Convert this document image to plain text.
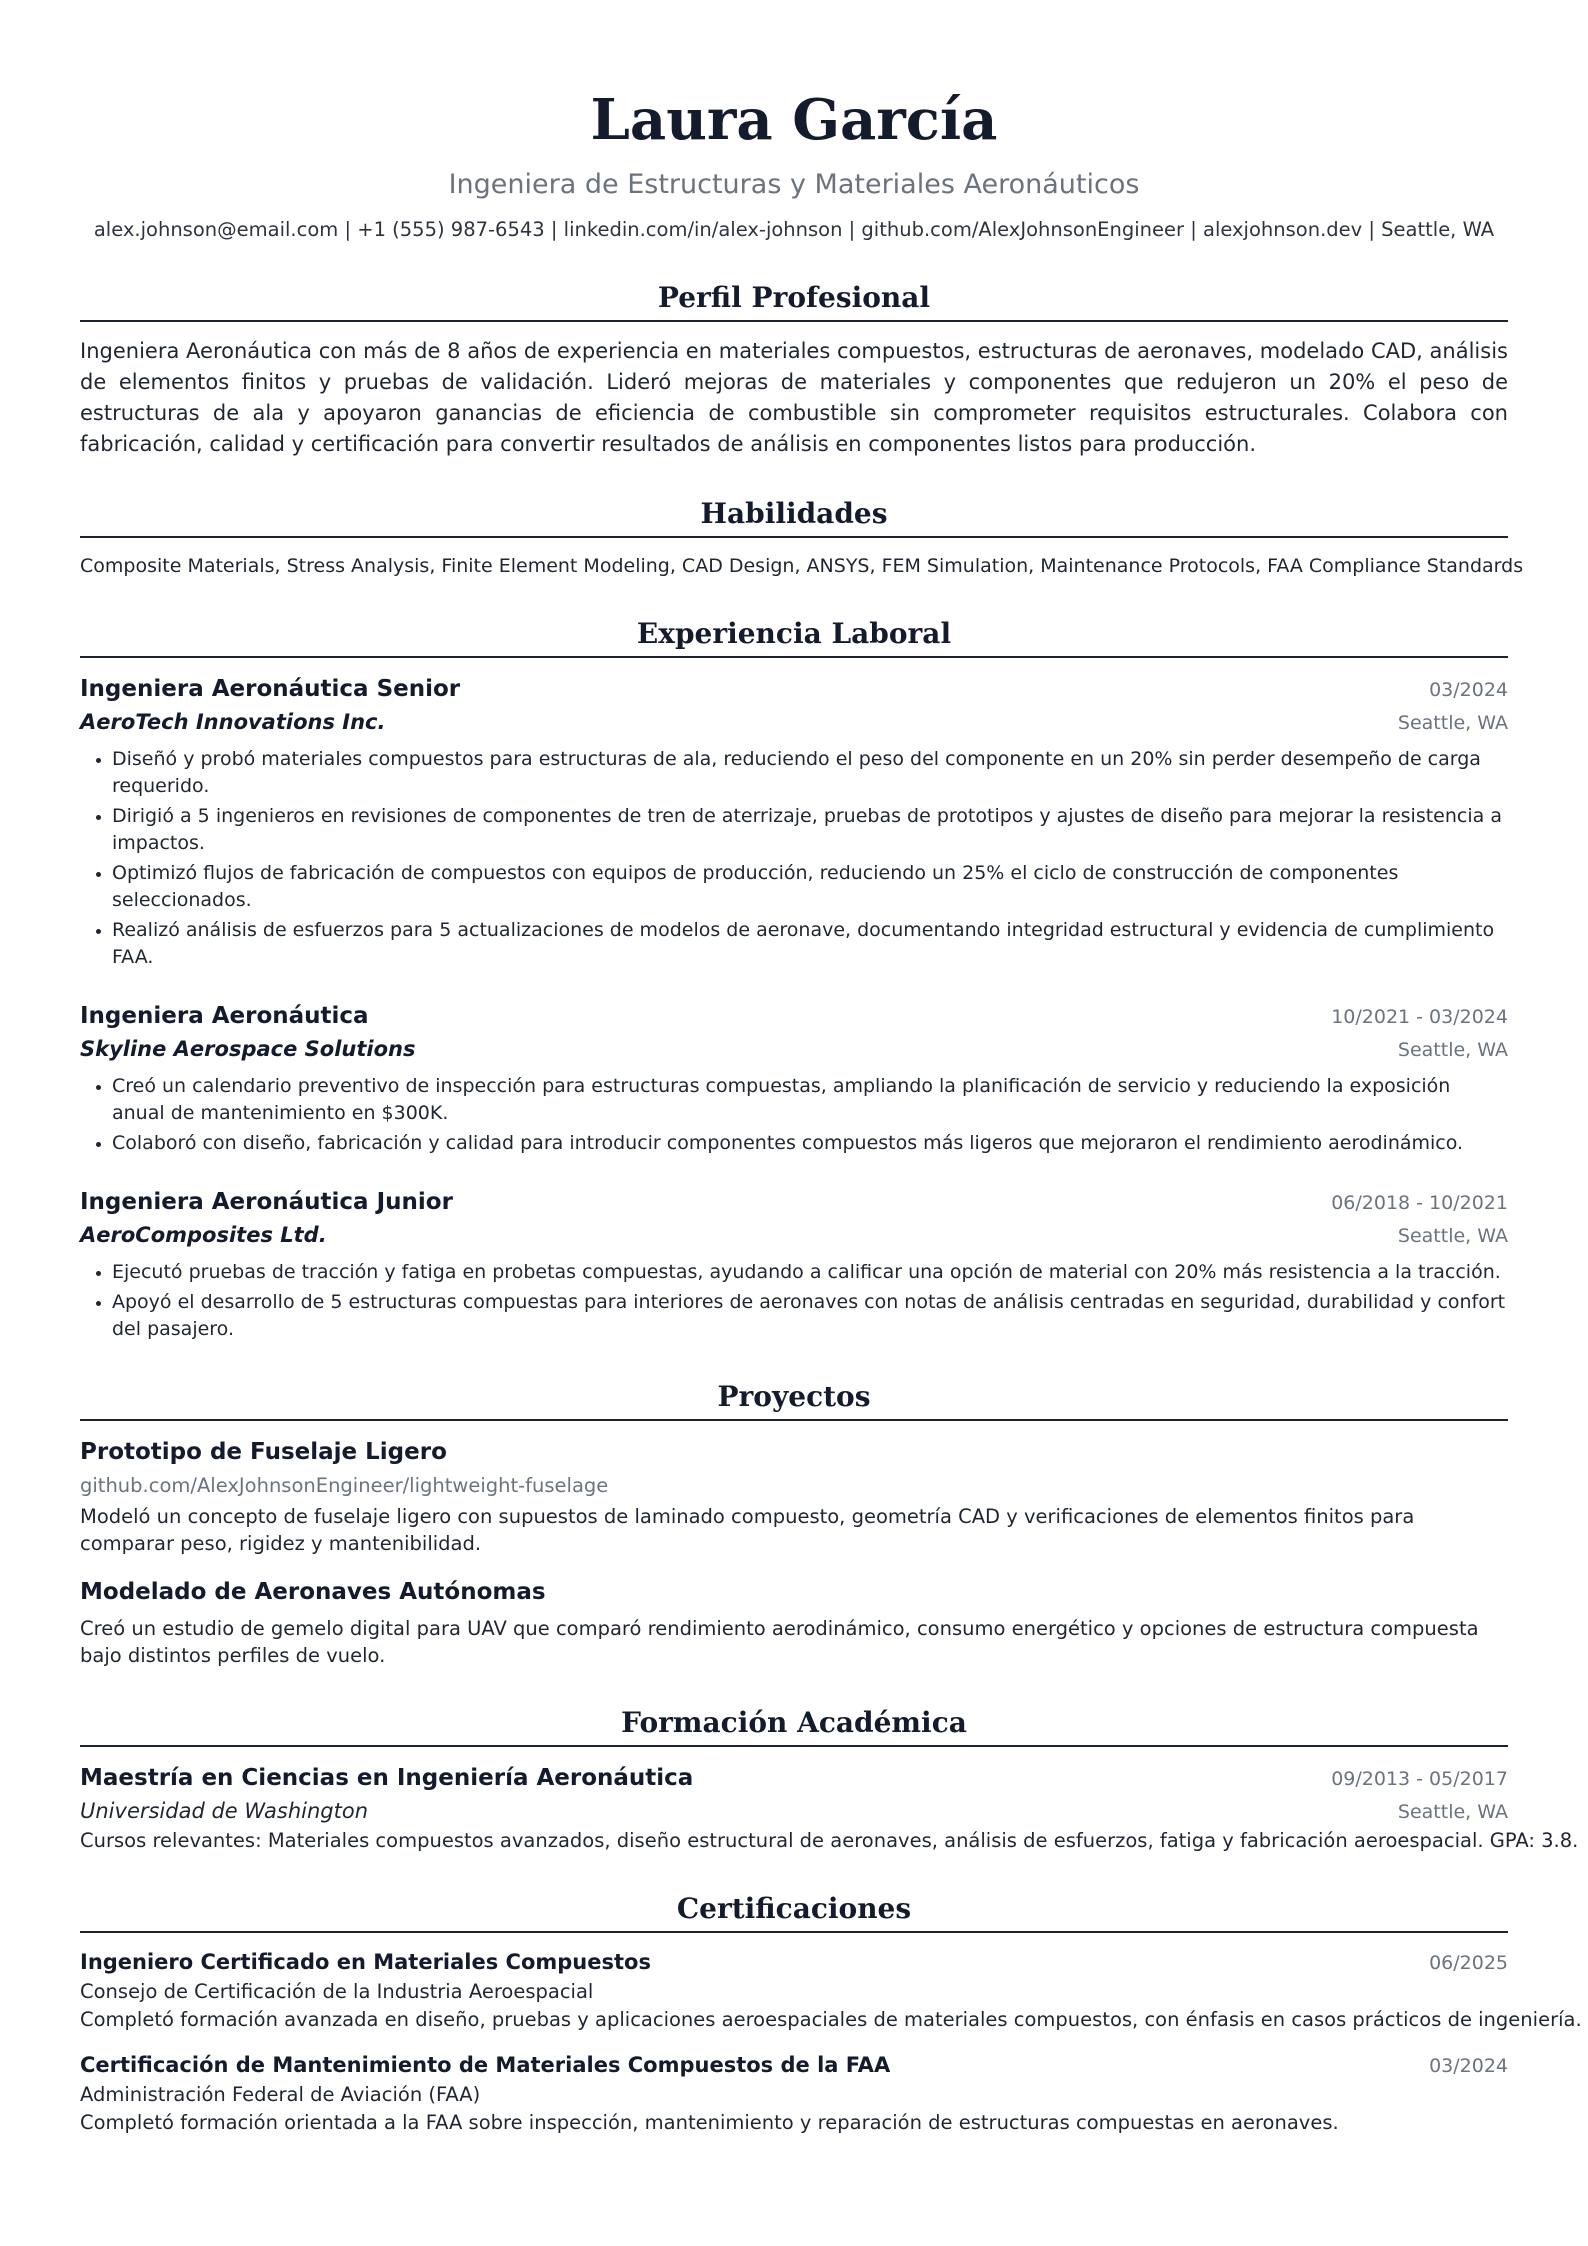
Laura García
Ingeniera de Estructuras y Materiales Aeronáuticos
alex.johnson@email.com | +1 (555) 987-6543 | linkedin.com/in/alex-johnson | github.com/AlexJohnsonEngineer | alexjohnson.dev | Seattle, WA
Perfil Profesional
Ingeniera Aeronáutica con más de 8 años de experiencia en materiales compuestos, estructuras de aeronaves, modelado CAD, análisis de elementos finitos y pruebas de validación. Lideró mejoras de materiales y componentes que redujeron un 20% el peso de estructuras de ala y apoyaron ganancias de eficiencia de combustible sin comprometer requisitos estructurales. Colabora con fabricación, calidad y certificación para convertir resultados de análisis en componentes listos para producción.
Habilidades
Composite Materials, Stress Analysis, Finite Element Modeling, CAD Design, ANSYS, FEM Simulation, Maintenance Protocols, FAA Compliance Standards
Experiencia Laboral
Ingeniera Aeronáutica Senior	03/2024
AeroTech Innovations Inc.	Seattle, WA
• Diseñó y probó materiales compuestos para estructuras de ala, reduciendo el peso del componente en un 20% sin perder desempeño de carga requerido.
• Dirigió a 5 ingenieros en revisiones de componentes de tren de aterrizaje, pruebas de prototipos y ajustes de diseño para mejorar la resistencia a impactos.
• Optimizó flujos de fabricación de compuestos con equipos de producción, reduciendo un 25% el ciclo de construcción de componentes seleccionados.
• Realizó análisis de esfuerzos para 5 actualizaciones de modelos de aeronave, documentando integridad estructural y evidencia de cumplimiento FAA.
Ingeniera Aeronáutica	10/2021 - 03/2024
Skyline Aerospace Solutions	Seattle, WA
• Creó un calendario preventivo de inspección para estructuras compuestas, ampliando la planificación de servicio y reduciendo la exposición anual de mantenimiento en $300K.
• Colaboró con diseño, fabricación y calidad para introducir componentes compuestos más ligeros que mejoraron el rendimiento aerodinámico.
Ingeniera Aeronáutica Junior	06/2018 - 10/2021
AeroComposites Ltd.	Seattle, WA
• Ejecutó pruebas de tracción y fatiga en probetas compuestas, ayudando a calificar una opción de material con 20% más resistencia a la tracción.
• Apoyó el desarrollo de 5 estructuras compuestas para interiores de aeronaves con notas de análisis centradas en seguridad, durabilidad y confort del pasajero.
Proyectos
Prototipo de Fuselaje Ligero
github.com/AlexJohnsonEngineer/lightweight-fuselage
Modeló un concepto de fuselaje ligero con supuestos de laminado compuesto, geometría CAD y verificaciones de elementos finitos para comparar peso, rigidez y mantenibilidad.
Modelado de Aeronaves Autónomas
Creó un estudio de gemelo digital para UAV que comparó rendimiento aerodinámico, consumo energético y opciones de estructura compuesta bajo distintos perfiles de vuelo.
Formación Académica
Maestría en Ciencias en Ingeniería Aeronáutica	09/2013 - 05/2017
Universidad de Washington	Seattle, WA
Cursos relevantes: Materiales compuestos avanzados, diseño estructural de aeronaves, análisis de esfuerzos, fatiga y fabricación aeroespacial. GPA: 3.8.
Certificaciones
Ingeniero Certificado en Materiales Compuestos	06/2025
Consejo de Certificación de la Industria Aeroespacial
Completó formación avanzada en diseño, pruebas y aplicaciones aeroespaciales de materiales compuestos, con énfasis en casos prácticos de ingeniería.
Certificación de Mantenimiento de Materiales Compuestos de la FAA	03/2024
Administración Federal de Aviación (FAA)
Completó formación orientada a la FAA sobre inspección, mantenimiento y reparación de estructuras compuestas en aeronaves.
